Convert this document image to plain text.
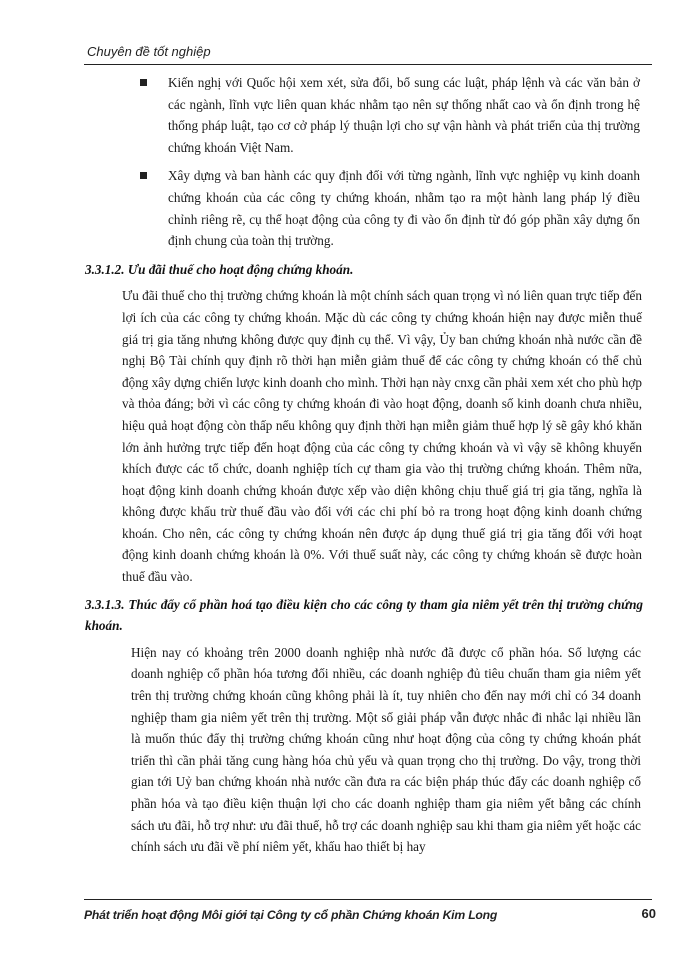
Chuyên đề tốt nghiệp
Kiến nghị với Quốc hội xem xét, sửa đổi, bổ sung các luật, pháp lệnh và các văn bản ở các ngành, lĩnh vực liên quan khác nhằm tạo nên sự thống nhất cao và ổn định trong hệ thống pháp luật, tạo cơ cở pháp lý thuận lợi cho sự vận hành và phát triển của thị trường chứng khoán Việt Nam.
Xây dựng và ban hành các quy định đối với từng ngành, lĩnh vực nghiệp vụ kinh doanh chứng khoán của các công ty chứng khoán, nhằm tạo ra một hành lang pháp lý điều chỉnh riêng rẽ, cụ thể hoạt động của công ty đi vào ổn định từ đó góp phần xây dựng ổn định chung của toàn thị trường.
3.3.1.2. Ưu đãi thuế cho hoạt động chứng khoán.

Ưu đãi thuế cho thị trường chứng khoán là một chính sách quan trọng vì nó liên quan trực tiếp đến lợi ích của các công ty chứng khoán. Mặc dù các công ty chứng khoán hiện nay được miễn thuế giá trị gia tăng nhưng không được quy định cụ thể. Vì vậy, Ủy ban chứng khoán nhà nước cần đề nghị Bộ Tài chính quy định rõ thời hạn miễn giảm thuế để các công ty chứng khoán có thể chủ động xây dựng chiến lược kinh doanh cho mình. Thời hạn này cnxg cần phải xem xét cho phù hợp và thỏa đáng; bởi vì các công ty chứng khoán đi vào hoạt động, doanh số kinh doanh chưa nhiều, hiệu quả hoạt động còn thấp nếu không quy định thời hạn miễn giảm thuế hợp lý sẽ gây khó khăn lớn ảnh hưởng trực tiếp đến hoạt động của các công ty chứng khoán và vì vậy sẽ không khuyến khích được các tổ chức, doanh nghiệp tích cự tham gia vào thị trường chứng khoán. Thêm nữa, hoạt động kinh doanh chứng khoán được xếp vào diện không chịu thuế giá trị gia tăng, nghĩa là không được khấu trừ thuế đầu vào đối với các chi phí bỏ ra trong hoạt động kinh doanh chứng khoán. Cho nên, các công ty chứng khoán nên được áp dụng thuế giá trị gia tăng đối với hoạt động kinh doanh chứng khoán là 0%. Với thuế suất này, các công ty chứng khoán sẽ được hoàn thuế đầu vào.

3.3.1.3. Thúc đẩy cổ phần hoá tạo điều kiện cho các công ty tham gia niêm yết trên thị trường chứng khoán.

Hiện nay có khoảng trên 2000 doanh nghiệp nhà nước đã được cổ phần hóa. Số lượng các doanh nghiệp cổ phần hóa tương đối nhiều, các doanh nghiệp đủ tiêu chuẩn tham gia niêm yết trên thị trường chứng khoán cũng không phải là ít, tuy nhiên cho đến nay mới chỉ có 34 doanh nghiệp tham gia niêm yết trên thị trường. Một số giải pháp vẫn được nhắc đi nhắc lại nhiều lần là muốn thúc đẩy thị trường chứng khoán cũng như hoạt động của công ty chứng khoán phát triển thì cần phải tăng cung hàng hóa chủ yếu và quan trọng cho thị trường. Do vậy, trong thời gian tới Uỷ ban chứng khoán nhà nước cần đưa ra các biện pháp thúc đẩy các doanh nghiệp cổ phần hóa và tạo điều kiện thuận lợi cho các doanh nghiệp tham gia niêm yết bằng các chính sách ưu đãi, hỗ trợ như: ưu đãi thuế, hỗ trợ các doanh nghiệp sau khi tham gia niêm yết hoặc các chính sách ưu đãi về phí niêm yết, khấu hao thiết bị hay

Phát triển hoạt động Môi giới tại Công ty cổ phần Chứng khoán Kim Long	60
